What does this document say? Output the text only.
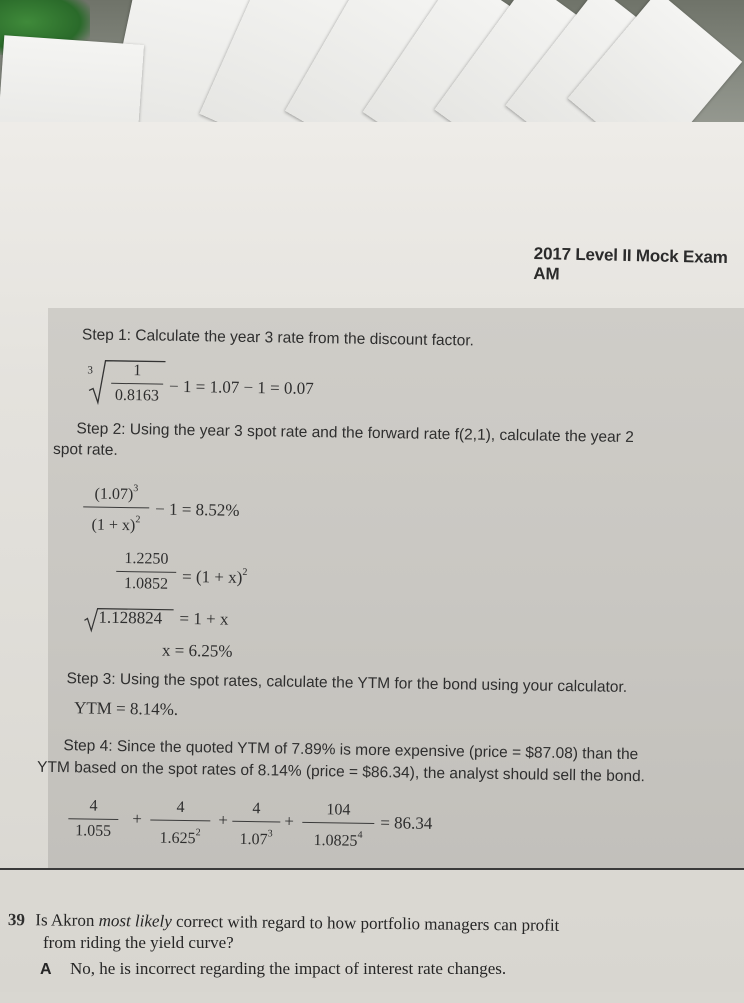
2017 Level II Mock Exam AM
Step 1: Calculate the year 3 rate from the discount factor.
3	1
0.8163 − 1 = 1.07 − 1 = 0.07
Step 2: Using the year 3 spot rate and the forward rate f(2,1), calculate the year 2
spot rate.
$(1.07)^3$
$(1 + x)^2 - 1 = 8.52\%$
1.2250
$1.0852 = (1 + x)^2$
1.128824 = 1 + x
x = 6.25%
Step 3: Using the spot rates, calculate the YTM for the bond using your calculator.
YTM = 8.14%.
Step 4: Since the quoted YTM of 7.89% is more expensive (price = $87.08) than the
YTM based on the spot rates of 8.14% (price = $86.34), the analyst should sell the bond.
4
1.055
+
4
$1.625^2$
+
4
$1.07^3$
+
104
$1.0825^4$
= 86.34
39 Is Akron most likely correct with regard to how portfolio managers can profit
from riding the yield curve?
A No, he is incorrect regarding the impact of interest rate changes.
